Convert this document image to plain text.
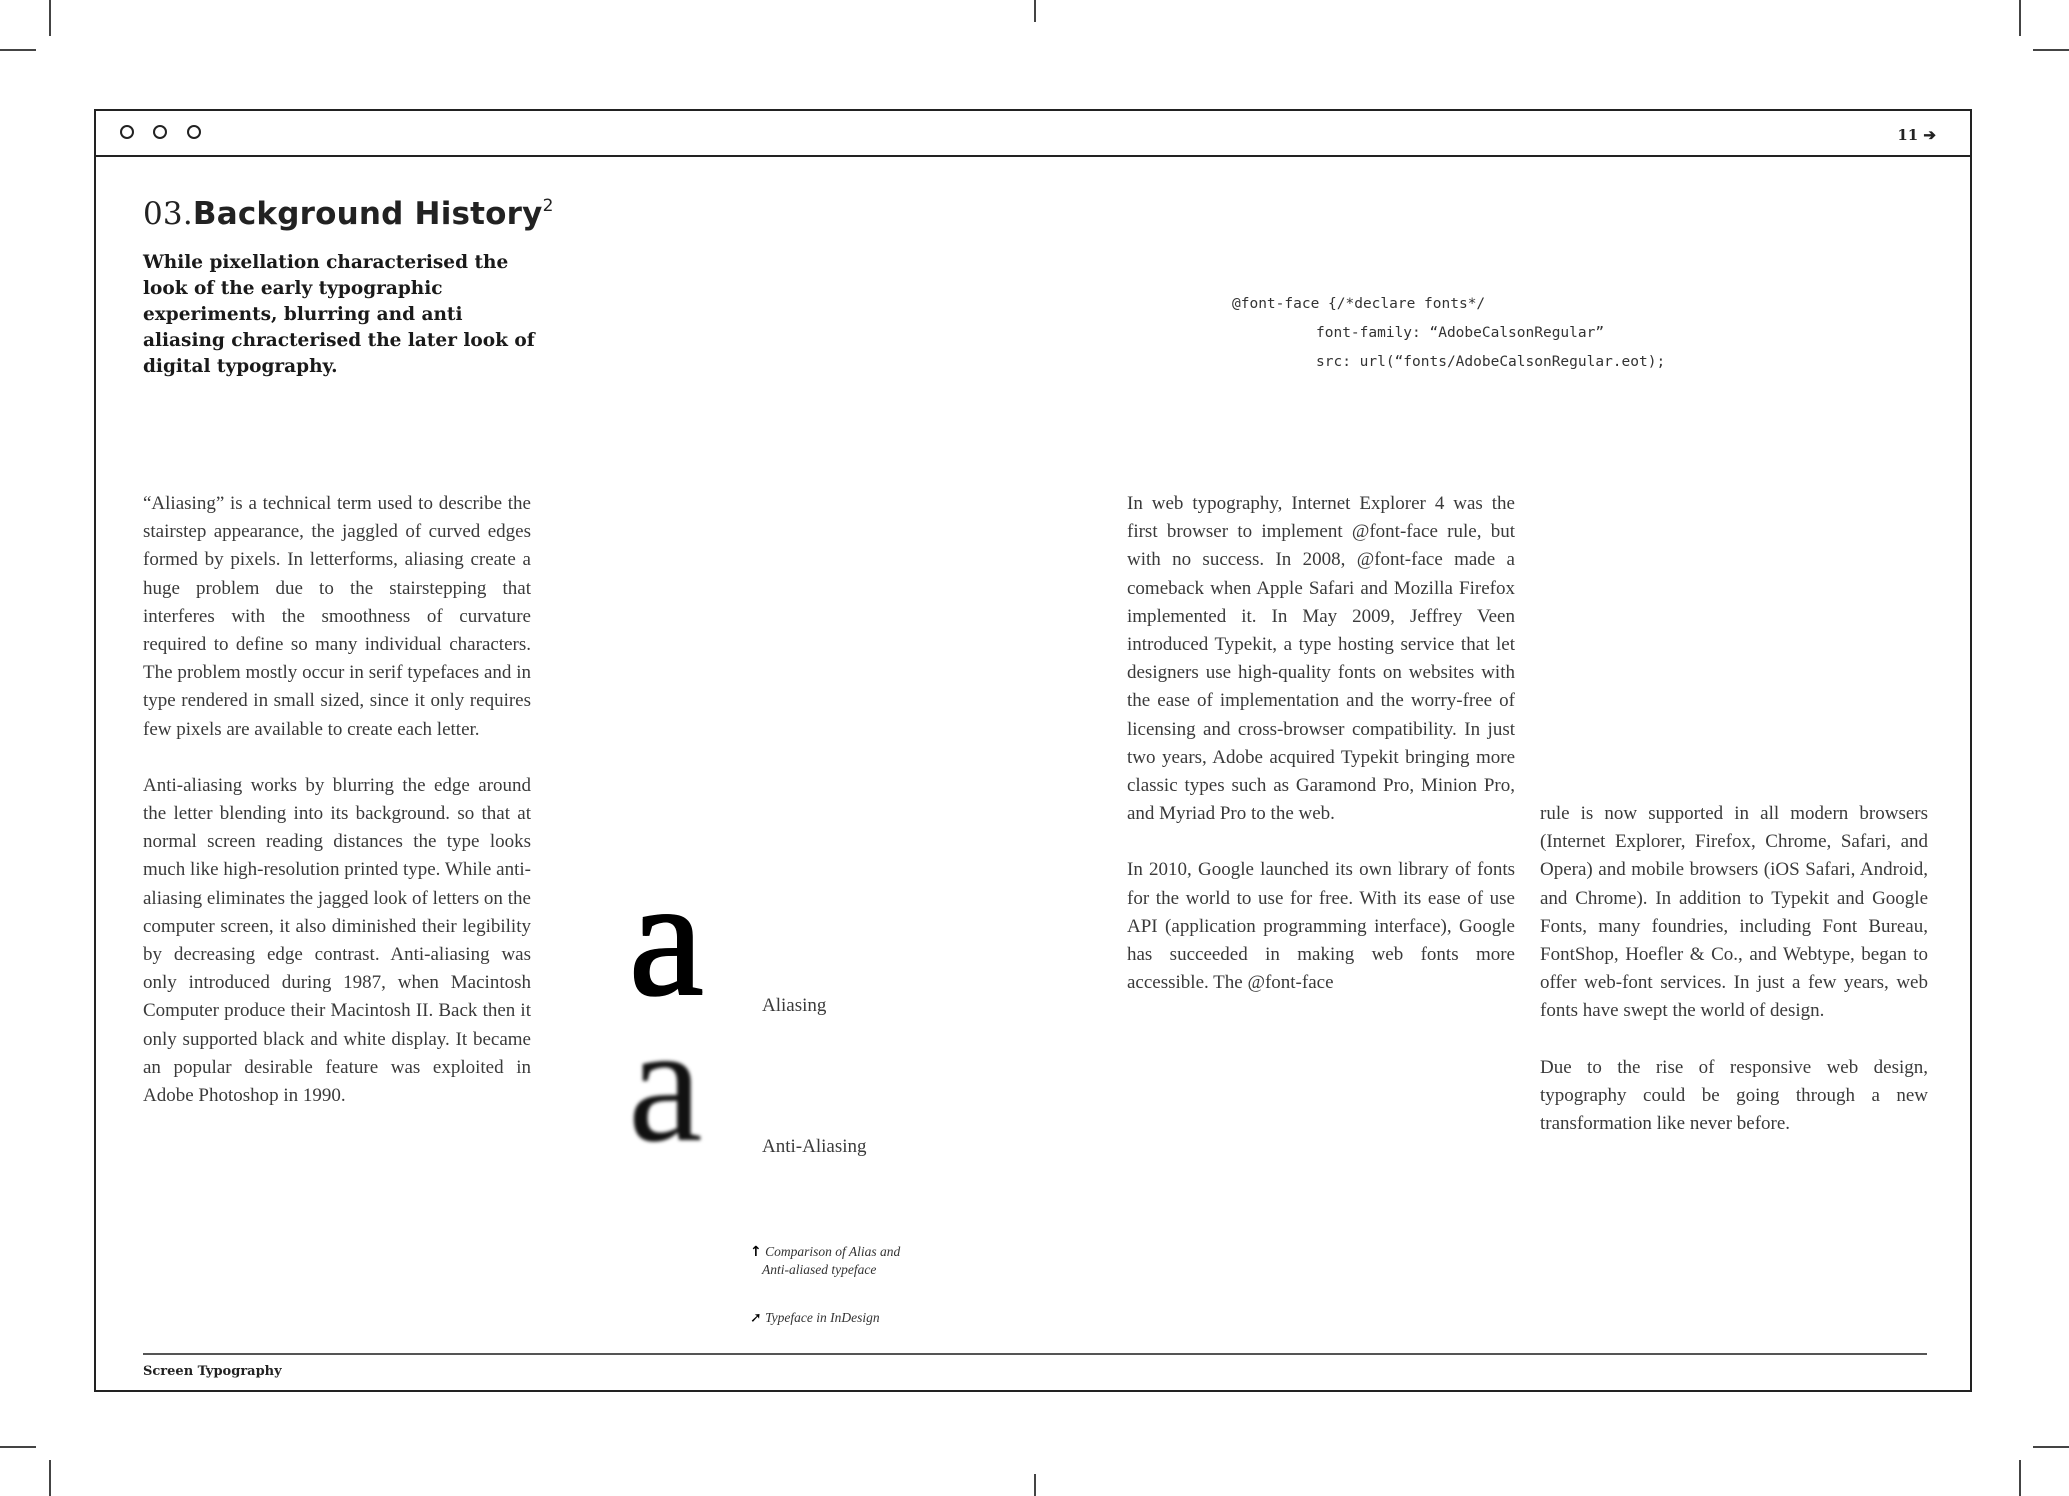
11 ➔
03.Background History$^2$
While pixellation characterised the look of the early typographic experiments, blurring and anti aliasing chracterised the later look of digital typography.
@font-face {/*declare fonts*/
font-family: “AdobeCalsonRegular”
src: url(“fonts/AdobeCalsonRegular.eot);

“Aliasing” is a technical term used to describe the stairstep appearance, the jaggled of curved edges formed by pixels. In letterforms, aliasing create a huge problem due to the stairstepping that interferes with the smoothness of curvature required to define so many individual characters. The problem mostly occur in serif typefaces and in type rendered in small sized, since it only requires few pixels are available to create each letter.

Anti-aliasing works by blurring the edge around the letter blending into its background. so that at normal screen reading distances the type looks much like high-resolution printed type. While anti-aliasing eliminates the jagged look of letters on the computer screen, it also diminished their legibility by decreasing edge contrast. Anti-aliasing was only introduced during 1987, when Macintosh Computer produce their Macintosh II. Back then it only supported black and white display. It became an popular desirable feature was exploited in Adobe Photoshop in 1990.

a	Aliasing
a	Anti-Aliasing
↑ Comparison of Alias and
Anti-aliased typeface
➚ Typeface in InDesign

In web typography, Internet Explorer 4 was the first browser to implement @font-face rule, but with no success. In 2008, @font-face made a comeback when Apple Safari and Mozilla Firefox implemented it. In May 2009, Jeffrey Veen introduced Typekit, a type hosting service that let designers use high-quality fonts on websites with the ease of implementation and the worry-free of licensing and cross-browser compatibility. In just two years, Adobe acquired Typekit bringing more classic types such as Garamond Pro, Minion Pro, and Myriad Pro to the web.

In 2010, Google launched its own library of fonts for the world to use for free. With its ease of use API (application programming interface), Google has succeeded in making web fonts more accessible. The @font-face

rule is now supported in all modern browsers (Internet Explorer, Firefox, Chrome, Safari, and Opera) and mobile browsers (iOS Safari, Android, and Chrome). In addition to Typekit and Google Fonts, many foundries, including Font Bureau, FontShop, Hoefler & Co., and Webtype, began to offer web-font services. In just a few years, web fonts have swept the world of design.

Due to the rise of responsive web design, typography could be going through a new transformation like never before.

Screen Typography
